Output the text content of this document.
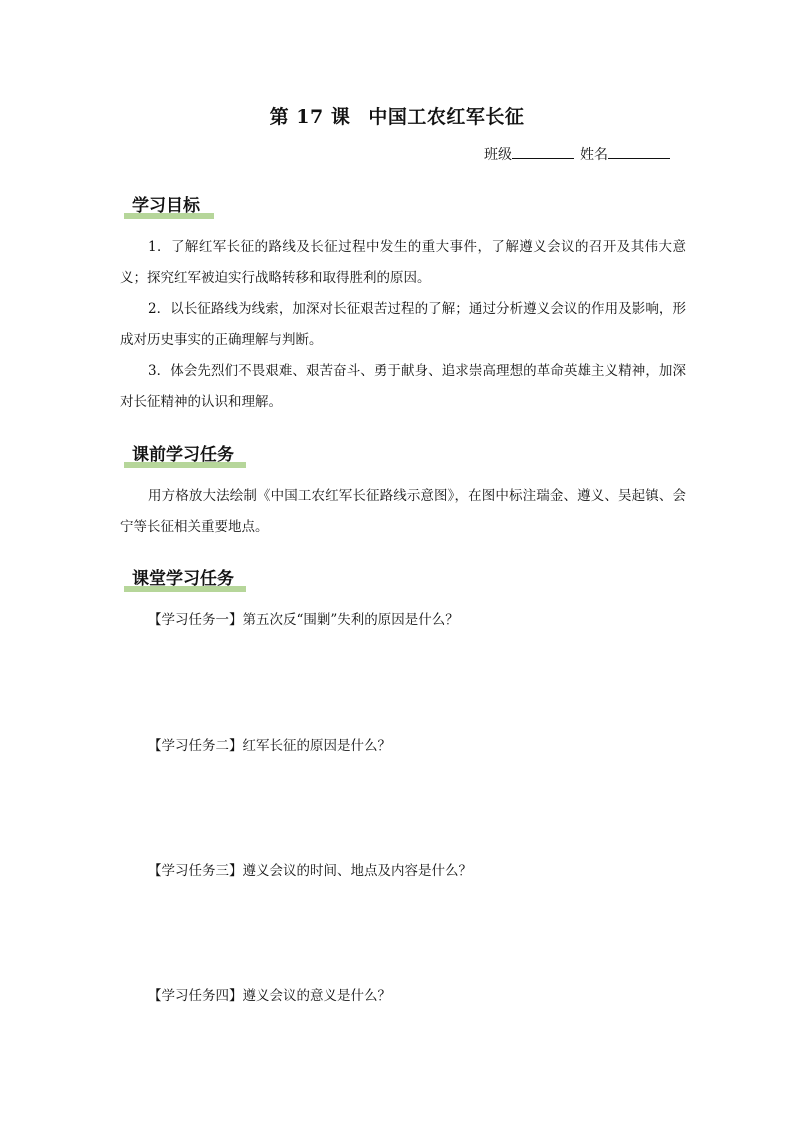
第 17 课 中国工农红军长征
班级	姓名
学习目标
1．了解红军长征的路线及长征过程中发生的重大事件，了解遵义会议的召开及其伟大意义；探究红军被迫实行战略转移和取得胜利的原因。
2．以长征路线为线索，加深对长征艰苦过程的了解；通过分析遵义会议的作用及影响，形成对历史事实的正确理解与判断。
3．体会先烈们不畏艰难、艰苦奋斗、勇于献身、追求崇高理想的革命英雄主义精神，加深对长征精神的认识和理解。
课前学习任务
用方格放大法绘制《中国工农红军长征路线示意图》，在图中标注瑞金、遵义、吴起镇、会宁等长征相关重要地点。
课堂学习任务
【学习任务一】第五次反“围剿”失利的原因是什么？
【学习任务二】红军长征的原因是什么？
【学习任务三】遵义会议的时间、地点及内容是什么？
【学习任务四】遵义会议的意义是什么？
